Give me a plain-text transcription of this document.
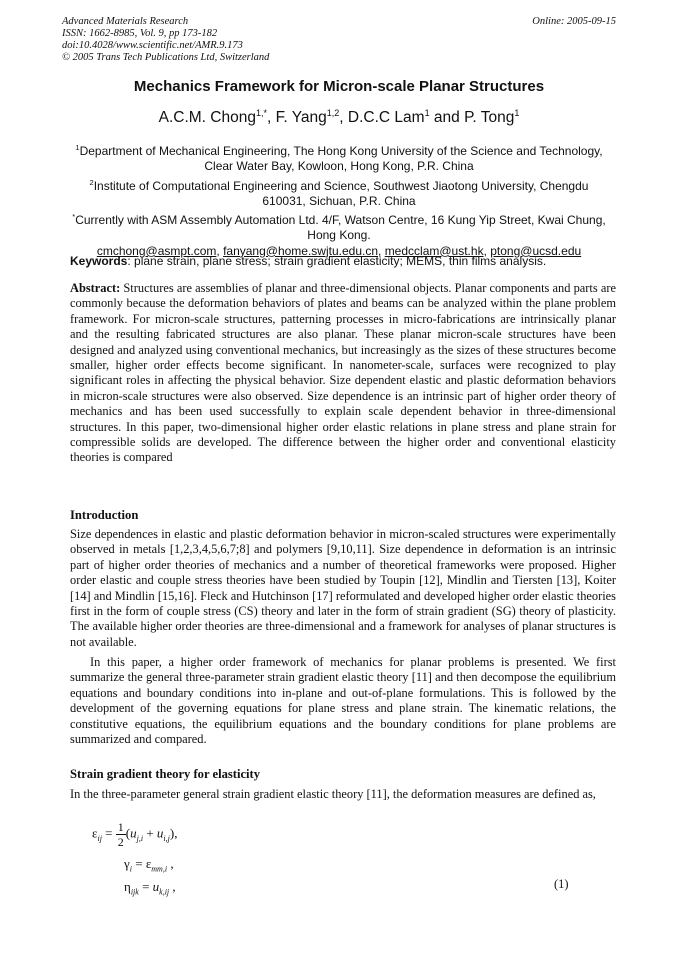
Advanced Materials Research
ISSN: 1662-8985, Vol. 9, pp 173-182
doi:10.4028/www.scientific.net/AMR.9.173
© 2005 Trans Tech Publications Ltd, Switzerland
Online: 2005-09-15
Mechanics Framework for Micron-scale Planar Structures
A.C.M. Chong$^{1,*}$, F. Yang$^{1,2}$, D.C.C Lam$^1$ and P. Tong$^1$
$^1$Department of Mechanical Engineering, The Hong Kong University of the Science and Technology, Clear Water Bay, Kowloon, Hong Kong, P.R. China
$^2$Institute of Computational Engineering and Science, Southwest Jiaotong University, Chengdu 610031, Sichuan, P.R. China
*Currently with ASM Assembly Automation Ltd. 4/F, Watson Centre, 16 Kung Yip Street, Kwai Chung, Hong Kong.
cmchong@asmpt.com, fanyang@home.swjtu.edu.cn, medcclam@ust.hk, ptong@ucsd.edu
Keywords: plane strain, plane stress; strain gradient elasticity; MEMS, thin films analysis.
Abstract: Structures are assemblies of planar and three-dimensional objects. Planar components and parts are commonly because the deformation behaviors of plates and beams can be analyzed within the plane problem framework. For micron-scale structures, patterning processes in micro-fabrications are intrinsically planar and the resulting fabricated structures are also planar. These planar micron-scale structures have been designed and analyzed using conventional mechanics, but increasingly as the sizes of these structures become smaller, higher order effects become significant. In nanometer-scale, surfaces were recognized to play significant roles in affecting the physical behavior. Size dependent elastic and plastic deformation behaviors in micron-scale structures were also observed. Size dependence is an intrinsic part of higher order theory of mechanics and has been used successfully to explain scale dependent behavior in three-dimensional structures. In this paper, two-dimensional higher order elastic relations in plane stress and plane strain for compressible solids are developed. The difference between the higher order and conventional elasticity theories is compared
Introduction
Size dependences in elastic and plastic deformation behavior in micron-scaled structures were experimentally observed in metals [1,2,3,4,5,6,7;8] and polymers [9,10,11]. Size dependence in deformation is an intrinsic part of higher order theories of mechanics and a number of theoretical frameworks were proposed. Higher order elastic and couple stress theories have been studied by Toupin [12], Mindlin and Tiersten [13], Koiter [14] and Mindlin [15,16]. Fleck and Hutchinson [17] reformulated and developed higher order elastic theories first in the form of couple stress (CS) theory and later in the form of strain gradient (SG) theory of plasticity. The available higher order theories are three-dimensional and a framework for analyses of planar structures is not available.
In this paper, a higher order framework of mechanics for planar problems is presented. We first summarize the general three-parameter strain gradient elastic theory [11] and then decompose the equilibrium equations and boundary conditions into in-plane and out-of-plane formulations. This is followed by the development of the governing equations for plane stress and plane strain. The kinematic relations, the constitutive equations, the equilibrium equations and the boundary conditions for plane problems are summarized and compared.
Strain gradient theory for elasticity
In the three-parameter general strain gradient elastic theory [11], the deformation measures are defined as,
$\varepsilon_{ij} = \frac{1}{2} (u_{j,i} + u_{i,j})$,
$\gamma_i = \varepsilon_{mm,i}$ ,
$\eta_{ijk} = u_{k,ij}$ ,	(1)
